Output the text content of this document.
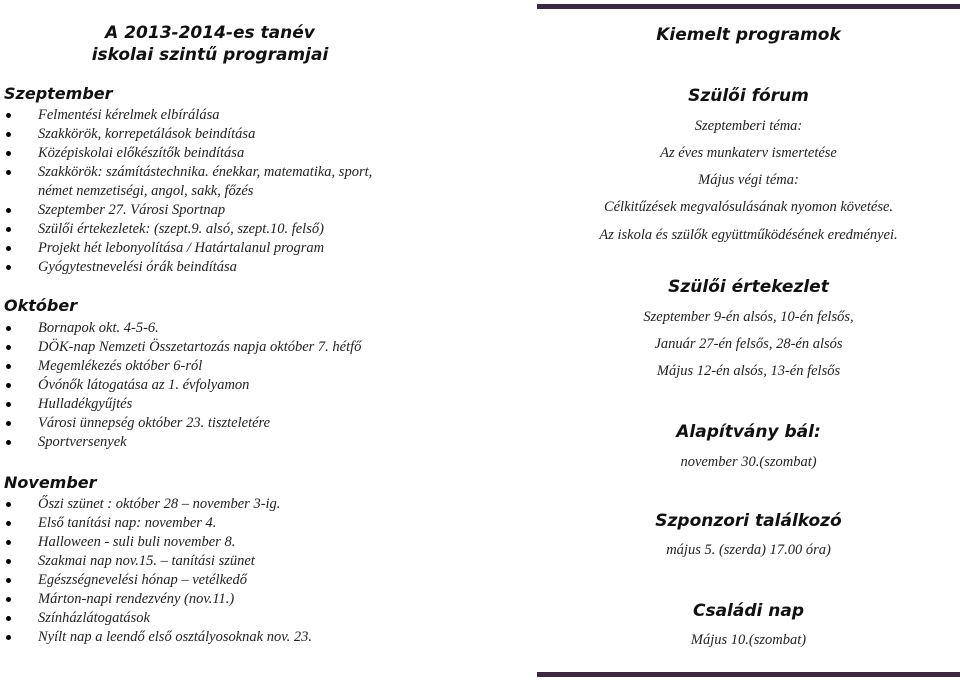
A 2013-2014-es tanév
iskolai szintű programjai
Szeptember
Felmentési kérelmek elbírálása
Szakkörök, korrepetálások beindítása
Középiskolai előkészítők beindítása
Szakkörök: számítástechnika. énekkar, matematika, sport,
német nemzetiségi, angol, sakk, főzés
Szeptember 27. Városi Sportnap
Szülői értekezletek: (szept.9. alsó, szept.10. felső)
Projekt hét lebonyolítása / Határtalanul program
Gyógytestnevelési órák beindítása
Október
Bornapok okt. 4-5-6.
DÖK-nap Nemzeti Összetartozás napja október 7. hétfő
Megemlékezés október 6-ról
Óvónők látogatása az 1. évfolyamon
Hulladékgyűjtés
Városi ünnepség október 23. tiszteletére
Sportversenyek
November
Őszi szünet : október 28 – november 3-ig.
Első tanítási nap: november 4.
Halloween - suli buli november 8.
Szakmai nap nov.15. – tanítási szünet
Egészségnevelési hónap – vetélkedő
Márton-napi rendezvény (nov.11.)
Színházlátogatások
Nyílt nap a leendő első osztályosoknak nov. 23.
Kiemelt programok
Szülői fórum
Szeptemberi téma:
Az éves munkaterv ismertetése
Május végi téma:
Célkitűzések megvalósulásának nyomon követése.
Az iskola és szülők együttműködésének eredményei.
Szülői értekezlet
Szeptember 9-én alsós, 10-én felsős,
Január 27-én felsős, 28-én alsós
Május 12-én alsós, 13-én felsős
Alapítvány bál:
november 30.(szombat)
Szponzori találkozó
május 5. (szerda) 17.00 óra)
Családi nap
Május 10.(szombat)
